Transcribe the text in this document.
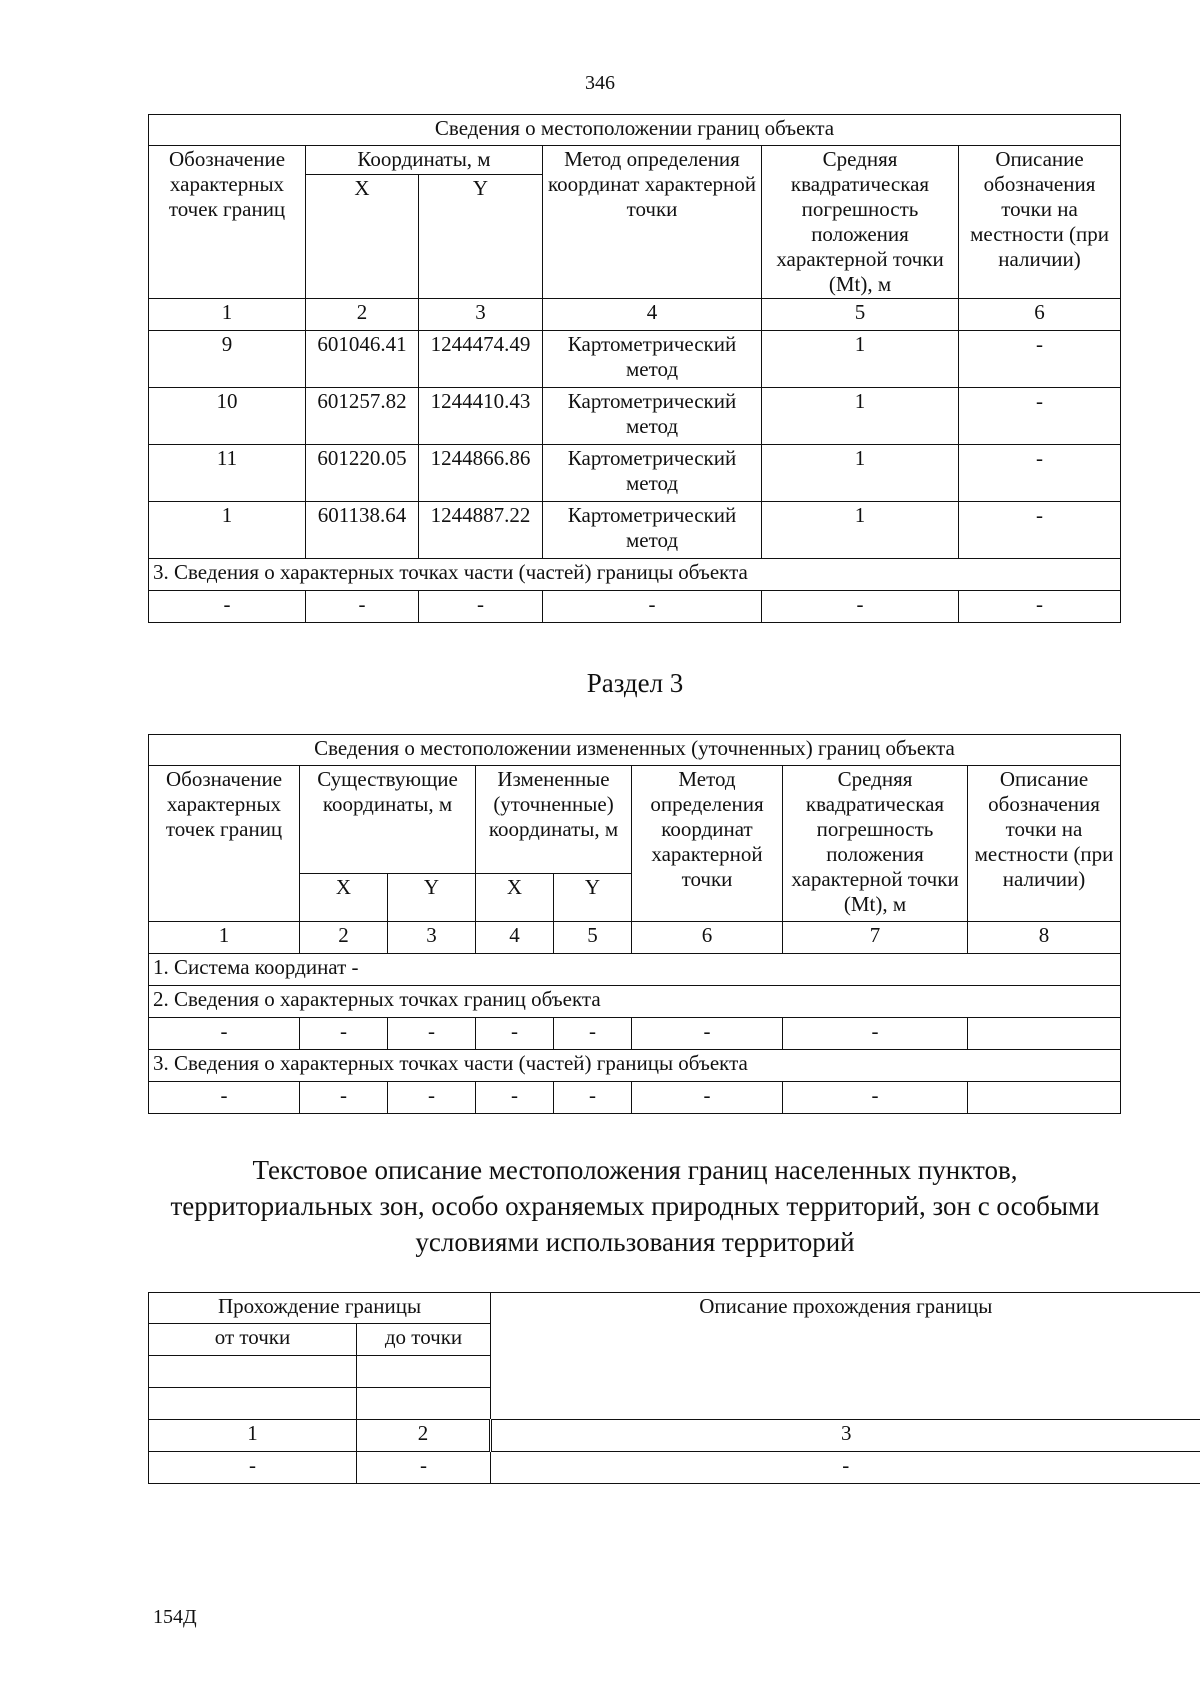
346
Сведения о местоположении границ объекта					
Обозначение характерных точек границ	Координаты, м		Метод определения координат характерной точки	Средняя квадратическая погрешность положения характерной точки (Mt), м	Описание обозначения точки на местности (при наличии)
	X	Y			
1	2	3	4	5	6
9	601046.41	1244474.49	Картометрический метод	1	-
10	601257.82	1244410.43	Картометрический метод	1	-
11	601220.05	1244866.86	Картометрический метод	1	-
1	601138.64	1244887.22	Картометрический метод	1	-
3. Сведения о характерных точках части (частей) границы объекта					
-	-	-	-	-	-
Раздел 3
Сведения о местоположении измененных (уточненных) границ объекта							
Обозначение характерных точек границ	Существующие координаты, м		Измененные (уточненные) координаты, м		Метод определения координат характерной точки	Средняя квадратическая погрешность положения характерной точки (Mt), м	Описание обозначения точки на местности (при наличии)
	X	Y	X	Y			
1	2	3	4	5	6	7	8
1. Система координат -							
2. Сведения о характерных точках границ объекта							
-	-	-	-	-	-	-	
3. Сведения о характерных точках части (частей) границы объекта							
-	-	-	-	-	-	-	
Текстовое описание местоположения границ населенных пунктов, территориальных зон, особо охраняемых природных территорий, зон с особыми условиями использования территорий
Прохождение границы		Описание прохождения границы
от точки	до точки	

1	2	3
-	-	-
154Д
